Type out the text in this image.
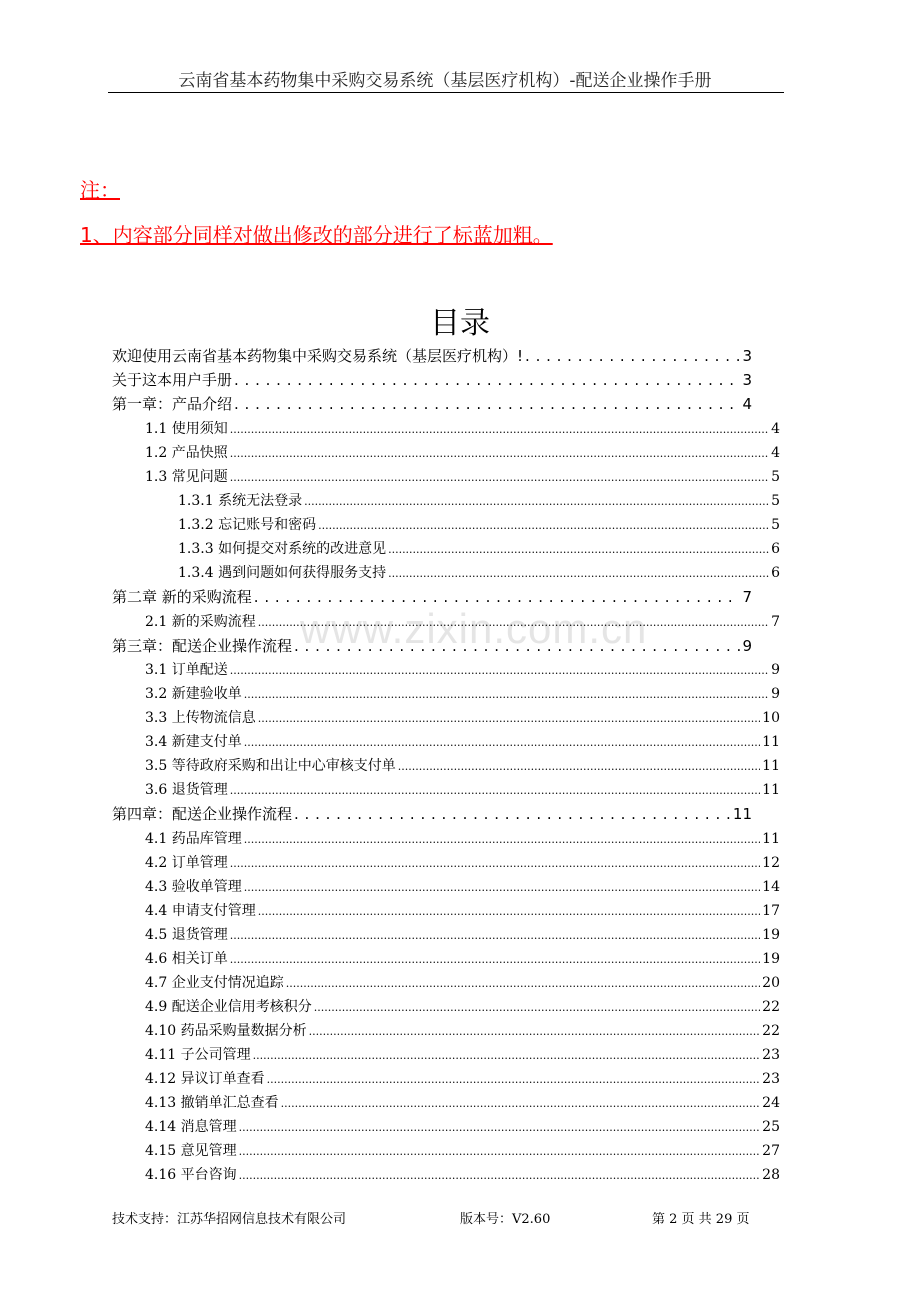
云南省基本药物集中采购交易系统（基层医疗机构）-配送企业操作手册
注：
1、内容部分同样对做出修改的部分进行了标蓝加粗。
目录
www.zixin.com.cn
欢迎使用云南省基本药物集中采购交易系统（基层医疗机构）! . . .	3
关于这本用户手册 . . .	3
第一章：产品介绍 . . .	4
1.1 使用须知 .....	4
1.2 产品快照 .....	4
1.3 常见问题 .....	5
1.3.1 系统无法登录 .....	5
1.3.2 忘记账号和密码 .....	5
1.3.3 如何提交对系统的改进意见 .....	6
1.3.4 遇到问题如何获得服务支持 .....	6
第二章 新的采购流程 . . .	7
2.1 新的采购流程 .....	7
第三章：配送企业操作流程 . . .	9
3.1 订单配送 .....	9
3.2 新建验收单 .....	9
3.3 上传物流信息 .....	10
3.4 新建支付单 .....	11
3.5 等待政府采购和出让中心审核支付单 .....	11
3.6 退货管理 .....	11
第四章：配送企业操作流程 . . .	11
4.1 药品库管理 .....	11
4.2 订单管理 .....	12
4.3 验收单管理 .....	14
4.4 申请支付管理 .....	17
4.5 退货管理 .....	19
4.6 相关订单 .....	19
4.7 企业支付情况追踪 .....	20
4.9 配送企业信用考核积分 .....	22
4.10 药品采购量数据分析 .....	22
4.11 子公司管理 .....	23
4.12 异议订单查看 .....	23
4.13 撤销单汇总查看 .....	24
4.14 消息管理 .....	25
4.15 意见管理 .....	27
4.16 平台咨询 .....	28
技术支持：江苏华招网信息技术有限公司	版本号：V2.60	第 2 页 共 29 页
